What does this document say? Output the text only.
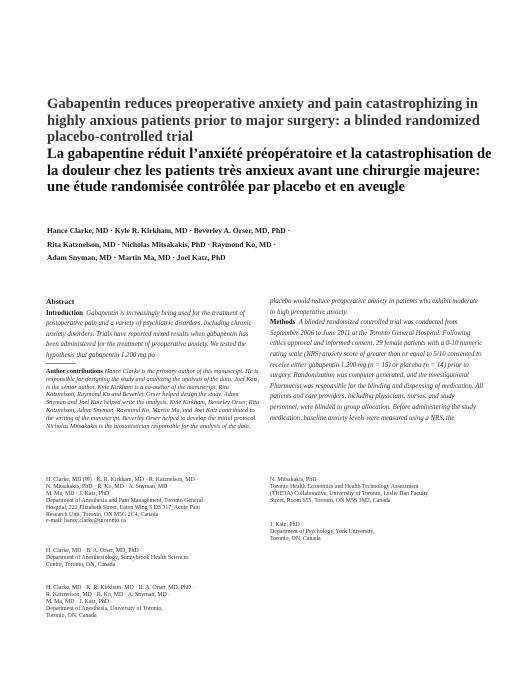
Gabapentin reduces preoperative anxiety and pain catastrophizing in highly anxious patients prior to major surgery: a blinded randomized placebo-controlled trial
La gabapentine réduit l’anxiété préopératoire et la catastrophisation de la douleur chez les patients très anxieux avant une chirurgie majeure: une étude randomisée contrôlée par placebo et en aveugle
Hance Clarke, MD · Kyle R. Kirkham, MD · Beverley A. Orser, MD, PhD ·
Rita Katznelson, MD · Nicholas Mitsakakis, PhD · Raymond Ko, MD ·
Adam Snyman, MD · Martin Ma, MD · Joel Katz, PhD
Abstract

Introduction Gabapentin is increasingly being used for the treatment of postoperative pain and a variety of psychiatric disorders, including chronic anxiety disorders. Trials have reported mixed results when gabapentin has been administered for the treatment of preoperative anxiety. We tested the hypothesis that gabapentin 1,200 mg po

Author contributions Hance Clarke is the primary author of this manuscript. He is responsible for designing the study and analyzing the analysis of the data. Joel Katz, is the senior author. Kyle Kirkham is a co-author of the manuscript. Rita Katznelson, Raymond Ko and Beverley Orser helped design the study. Adam Snyman and Joel Katz helped write the analysis. Kyle Kirkham, Beverley Orser, Rita Katznelson, Adam Snyman, Raymond Ko, Martin Ma, and Joel Katz contributed to the writing of the manuscript. Beverley Orser helped to develop the initial protocol. Nicholas Mitsakakis is the biostatistician responsible for the analysis of the data.

placebo would reduce preoperative anxiety in patients who exhibit moderate to high preoperative anxiety.

Methods A blinded randomized controlled trial was conducted from September 2006 to June 2011 at the Toronto General Hospital. Following ethics approval and informed consent, 29 female patients with a 0-10 numeric rating scale (NRS) anxiety score of greater than or equal to 5/10 consented to receive either gabapentin 1,200 mg (n = 15) or placebo (n = 14) prior to surgery. Randomization was computer generated, and the investigational Pharmacist was responsible for the blinding and dispensing of medication. All patients and care providers, including physicians, nurses, and study personnel, were blinded to group allocation. Before administering the study medication, baseline anxiety levels were measured using a NRS, the

H. Clarke, MD (✉) · K. R. Kirkham, MD · R. Katznelson, MD ·
N. Mitsakakis, PhD · R. Ko, MD · A. Snyman, MD ·
M. Ma, MD · J. Katz, PhD
Department of Anesthesia and Pain Management, Toronto General
Hospital, 222 Elizabeth Street, Eaton Wing 3 EB 317, Acute Pain
Research Unit, Toronto, ON M5G 2C4, Canada
e-mail: hance.clarke@utoronto.ca
H. Clarke, MD · B. A. Orser, MD, PhD
Department of Anesthesiology, Sunnybrook Health Sciences
Centre, Toronto, ON, Canada
H. Clarke, MD · K. R. Kirkham, MD · B. A. Orser, MD, PhD ·
R. Katznelson, MD · R. Ko, MD · A. Snyman, MD ·
M. Ma, MD · J. Katz, PhD
Department of Anesthesia, University of Toronto,
Toronto, ON, Canada
N. Mitsakakis, PhD
Toronto Health Economics and Health Technology Assessment
(THETA) Collaborative, University of Toronto, Leslie Dan Faculty
Street, Room 655, Toronto, ON M5S 3M2, Canada
J. Katz, PhD
Department of Psychology, York University,
Toronto, ON, Canada
